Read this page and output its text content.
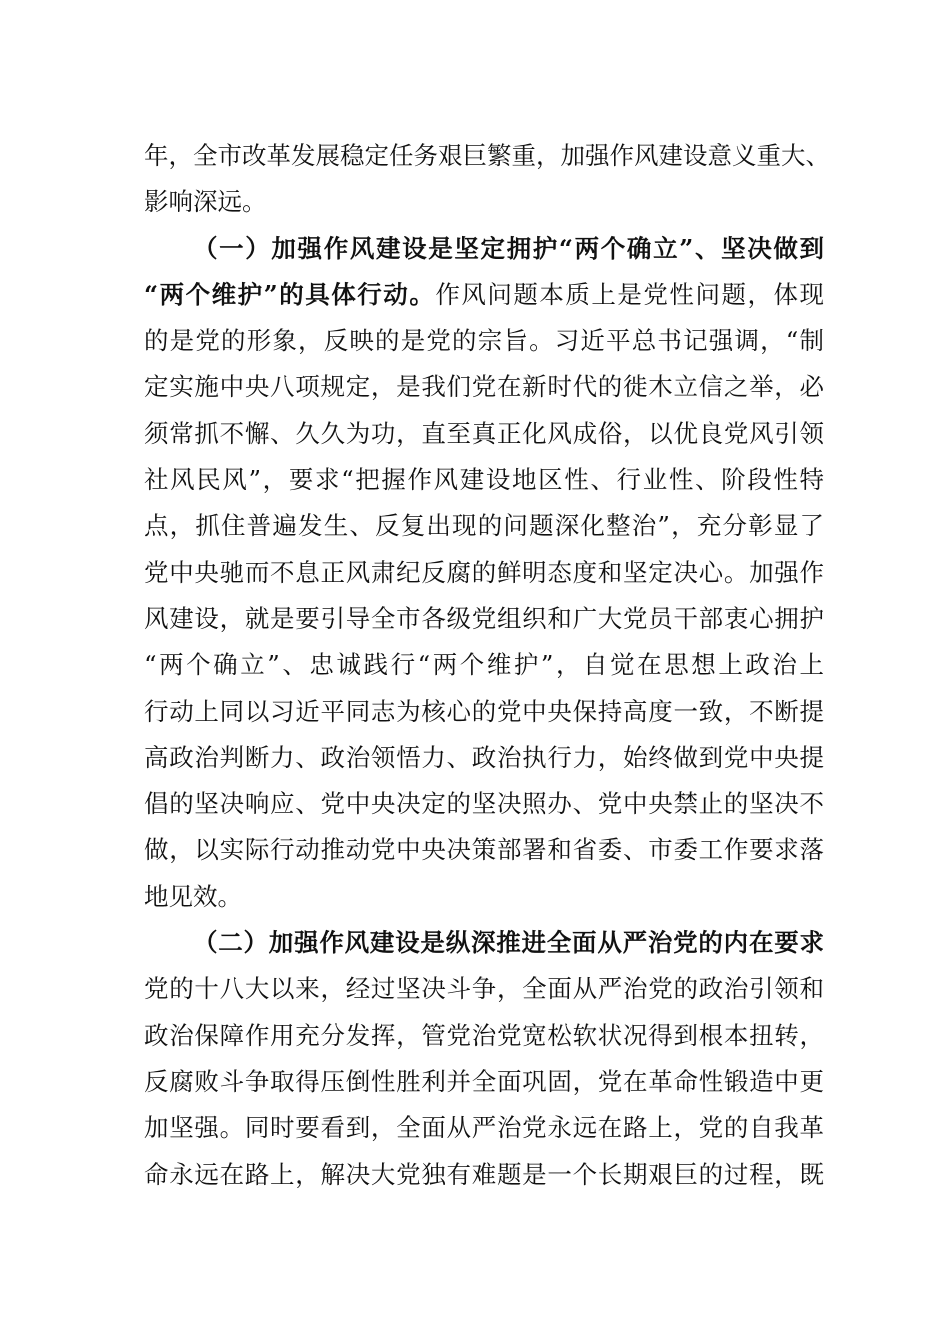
年，全市改革发展稳定任务艰巨繁重，加强作风建设意义重大、
影响深远。
（一）加强作风建设是坚定拥护“两个确立”、坚决做到
“两个维护”的具体行动。作风问题本质上是党性问题，体现
的是党的形象，反映的是党的宗旨。习近平总书记强调，“制
定实施中央八项规定，是我们党在新时代的徙木立信之举，必
须常抓不懈、久久为功，直至真正化风成俗，以优良党风引领
社风民风”，要求“把握作风建设地区性、行业性、阶段性特
点，抓住普遍发生、反复出现的问题深化整治”，充分彰显了
党中央驰而不息正风肃纪反腐的鲜明态度和坚定决心。加强作
风建设，就是要引导全市各级党组织和广大党员干部衷心拥护
“两个确立”、忠诚践行“两个维护”，自觉在思想上政治上
行动上同以习近平同志为核心的党中央保持高度一致，不断提
高政治判断力、政治领悟力、政治执行力，始终做到党中央提
倡的坚决响应、党中央决定的坚决照办、党中央禁止的坚决不
做，以实际行动推动党中央决策部署和省委、市委工作要求落
地见效。
（二）加强作风建设是纵深推进全面从严治党的内在要求
党的十八大以来，经过坚决斗争，全面从严治党的政治引领和
政治保障作用充分发挥，管党治党宽松软状况得到根本扭转，
反腐败斗争取得压倒性胜利并全面巩固，党在革命性锻造中更
加坚强。同时要看到，全面从严治党永远在路上，党的自我革
命永远在路上，解决大党独有难题是一个长期艰巨的过程，既
